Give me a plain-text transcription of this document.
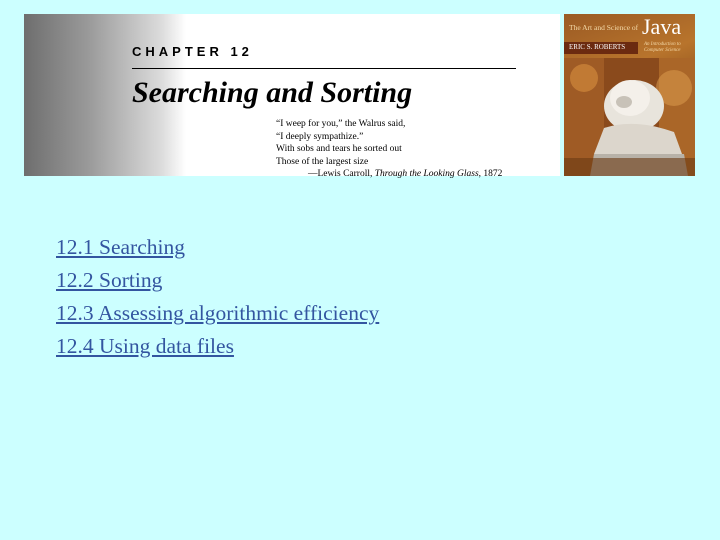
CHAPTER 12
Searching and Sorting
“I weep for you,” the Walrus said,
“I deeply sympathize.”
With sobs and tears he sorted out
Those of the largest size
—Lewis Carroll, Through the Looking Glass, 1872
The Art and Science of Java
ERIC S. ROBERTS	An Introduction to Computer Science
12.1 Searching
12.2 Sorting
12.3 Assessing algorithmic efficiency
12.4 Using data files
